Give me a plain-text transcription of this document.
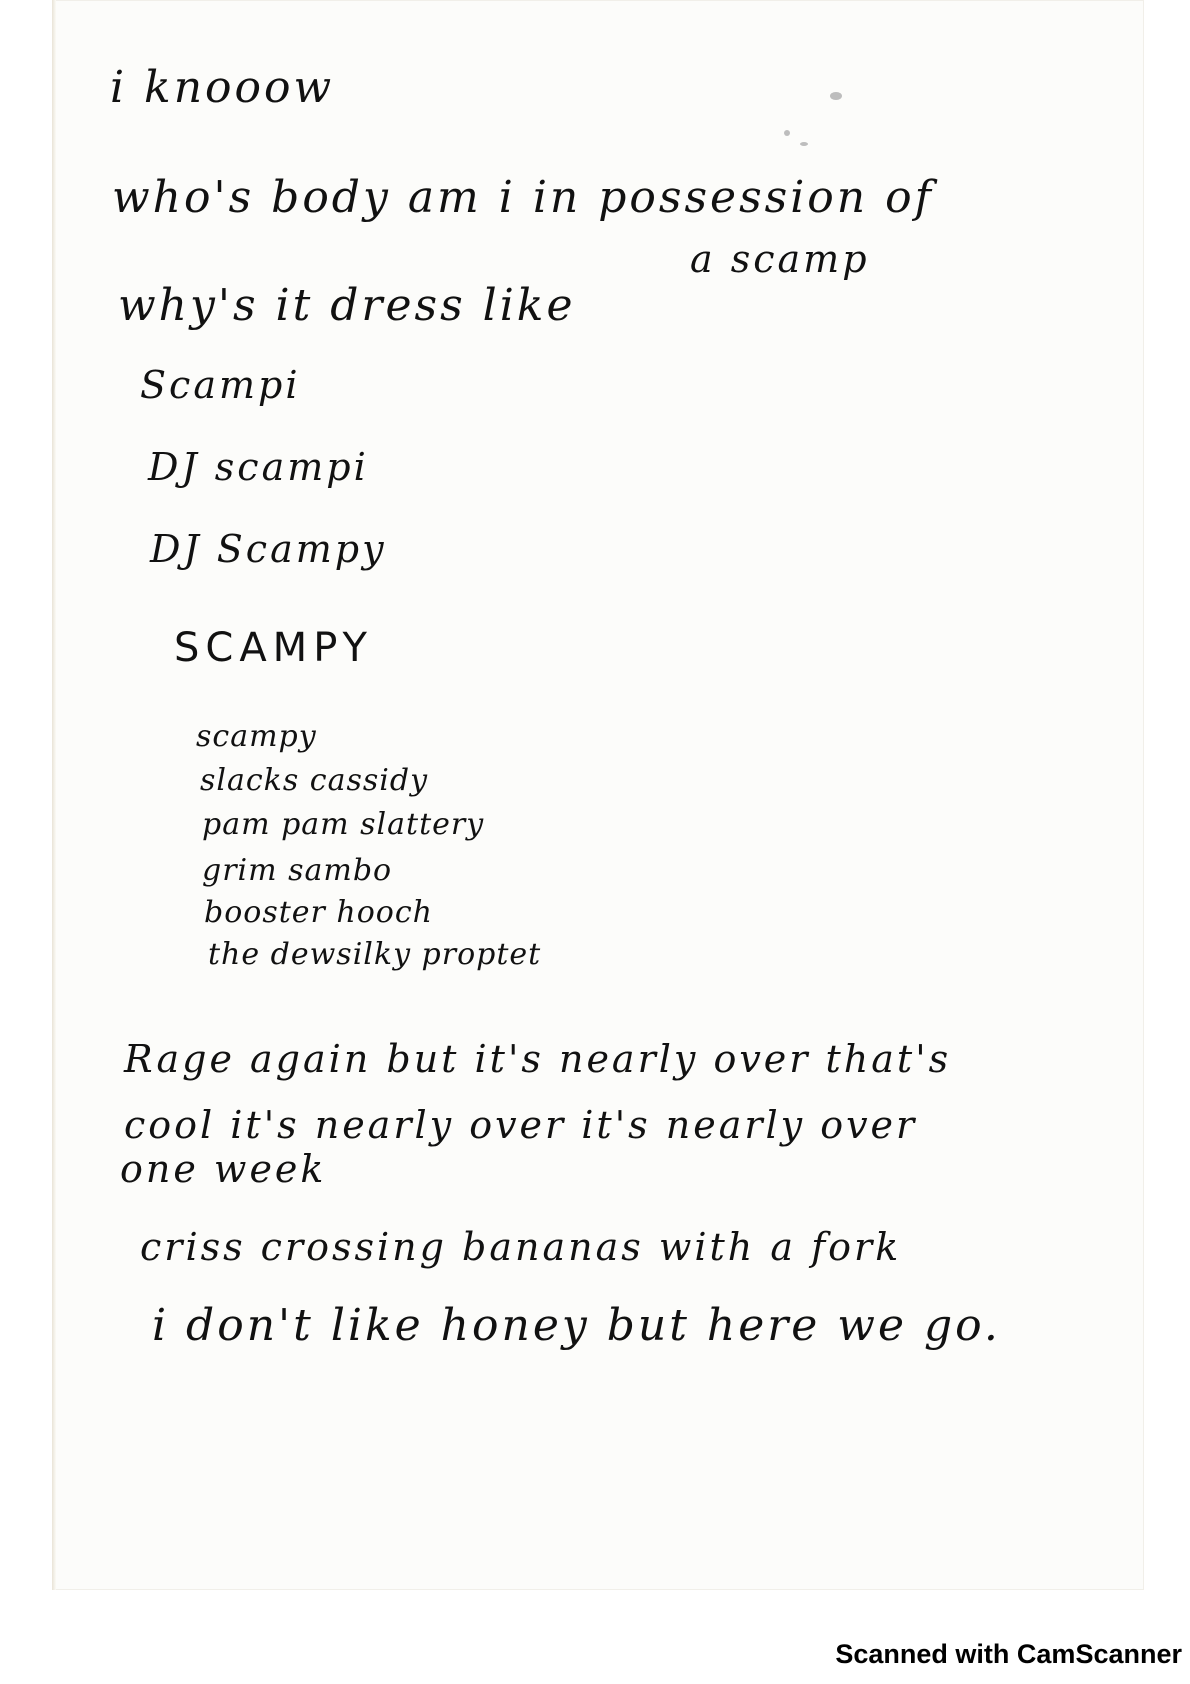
i knooow
who's body am i in possession of
a scamp
why's it dress like
Scampi
DJ scampi
DJ Scampy
SCAMPY
scampy
slacks cassidy
pam pam slattery
grim sambo
booster hooch
the dewsilky proptet
Rage again but it's nearly over that's
cool it's nearly over it's nearly over
one week
criss crossing bananas with a fork
i don't like honey but here we go.
Scanned with CamScanner
